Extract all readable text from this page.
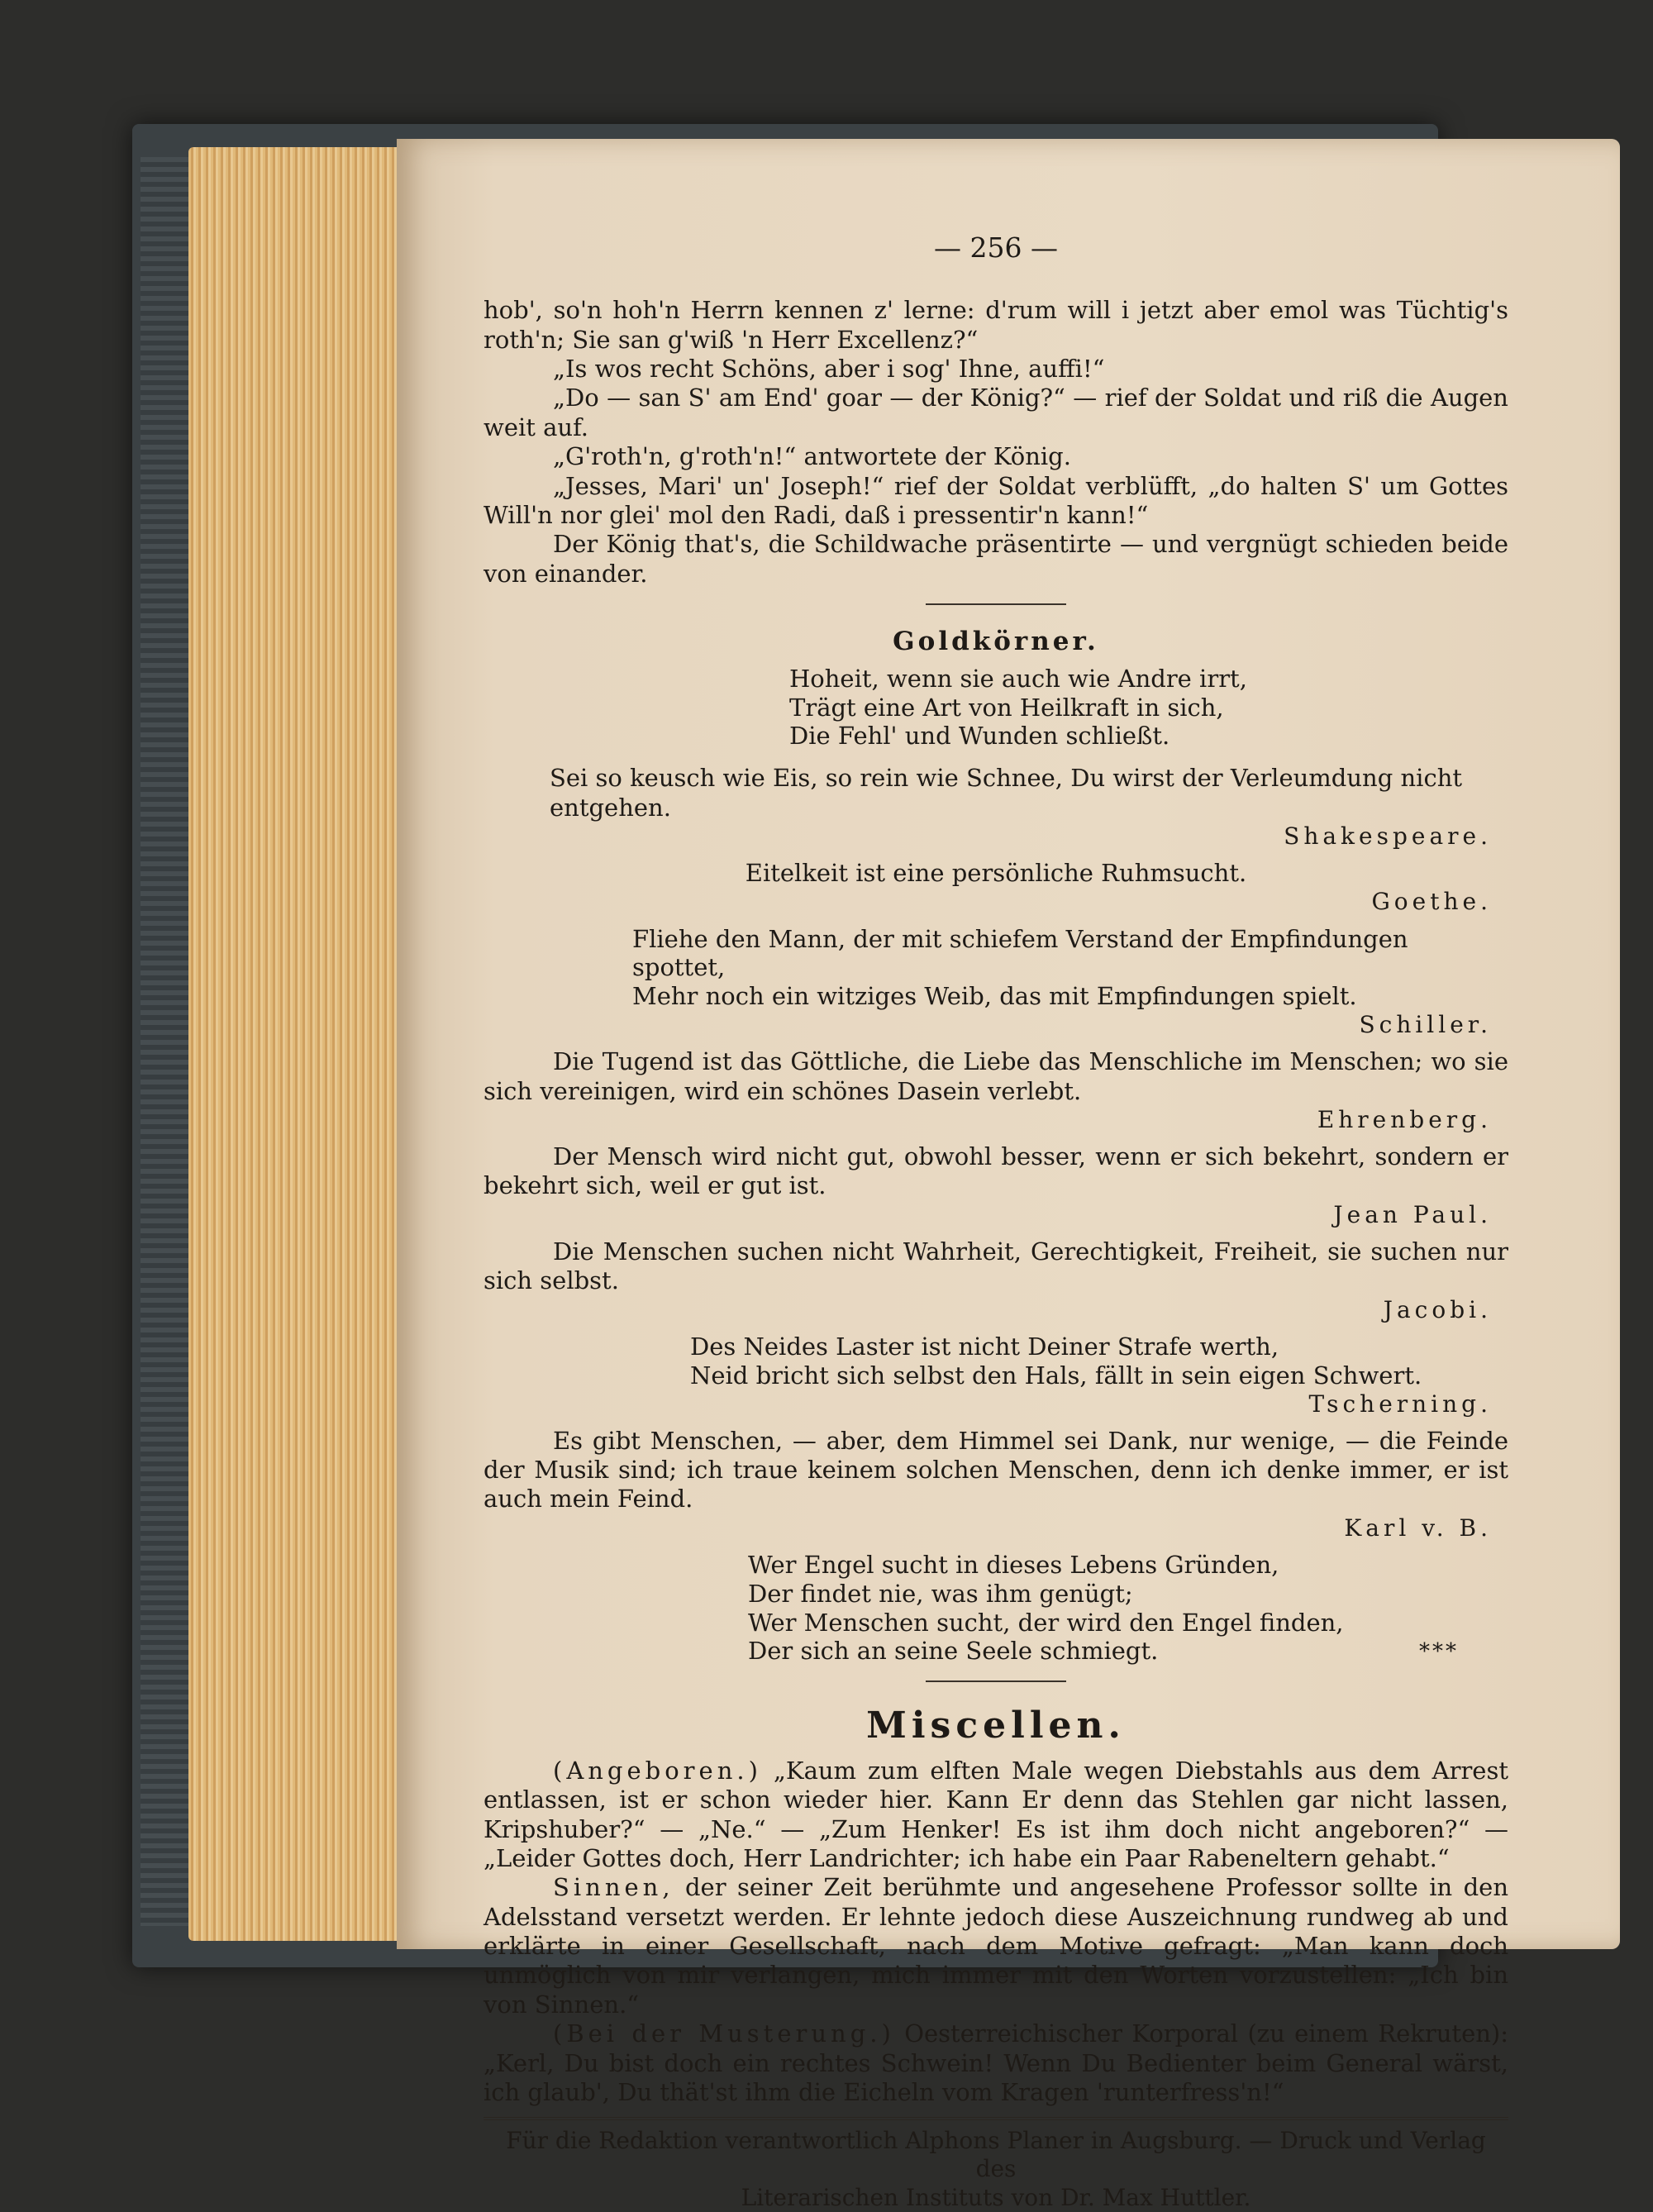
— 256 —

hob', so'n hoh'n Herrn kennen z' lerne: d'rum will i jetzt aber emol was Tüchtig's roth'n; Sie san g'wiß 'n Herr Excellenz?“

„Is wos recht Schöns, aber i sog' Ihne, auffi!“

„Do — san S' am End' goar — der König?“ — rief der Soldat und riß die Augen weit auf.

„G'roth'n, g'roth'n!“ antwortete der König.

„Jesses, Mari' un' Joseph!“ rief der Soldat verblüfft, „do halten S' um Gottes Will'n nor glei' mol den Radi, daß i pressentir'n kann!“

Der König that's, die Schildwache präsentirte — und vergnügt schieden beide von einander.

Goldkörner.

Hoheit, wenn sie auch wie Andre irrt,

Trägt eine Art von Heilkraft in sich,

Die Fehl' und Wunden schließt.

Sei so keusch wie Eis, so rein wie Schnee, Du wirst der Verleumdung nicht entgehen.

Shakespeare.

Eitelkeit ist eine persönliche Ruhmsucht.

Goethe.

Fliehe den Mann, der mit schiefem Verstand der Empfindungen spottet,

Mehr noch ein witziges Weib, das mit Empfindungen spielt.

Schiller.

Die Tugend ist das Göttliche, die Liebe das Menschliche im Menschen; wo sie sich vereinigen, wird ein schönes Dasein verlebt.

Ehrenberg.

Der Mensch wird nicht gut, obwohl besser, wenn er sich bekehrt, sondern er bekehrt sich, weil er gut ist.

Jean Paul.

Die Menschen suchen nicht Wahrheit, Gerechtigkeit, Freiheit, sie suchen nur sich selbst.

Jacobi.

Des Neides Laster ist nicht Deiner Strafe werth,

Neid bricht sich selbst den Hals, fällt in sein eigen Schwert.

Tscherning.

Es gibt Menschen, — aber, dem Himmel sei Dank, nur wenige, — die Feinde der Musik sind; ich traue keinem solchen Menschen, denn ich denke immer, er ist auch mein Feind.

Karl v. B.

Wer Engel sucht in dieses Lebens Gründen,

Der findet nie, was ihm genügt;

Wer Menschen sucht, der wird den Engel finden,

Der sich an seine Seele schmiegt.	***

Miscellen.

(Angeboren.) „Kaum zum elften Male wegen Diebstahls aus dem Arrest entlassen, ist er schon wieder hier. Kann Er denn das Stehlen gar nicht lassen, Kripshuber?“ — „Ne.“ — „Zum Henker! Es ist ihm doch nicht angeboren?“ — „Leider Gottes doch, Herr Landrichter; ich habe ein Paar Rabeneltern gehabt.“

Sinnen, der seiner Zeit berühmte und angesehene Professor sollte in den Adelsstand versetzt werden. Er lehnte jedoch diese Auszeichnung rundweg ab und erklärte in einer Gesellschaft, nach dem Motive gefragt: „Man kann doch unmöglich von mir verlangen, mich immer mit den Worten vorzustellen: „Ich bin von Sinnen.“

(Bei der Musterung.) Oesterreichischer Korporal (zu einem Rekruten): „Kerl, Du bist doch ein rechtes Schwein! Wenn Du Bedienter beim General wärst, ich glaub', Du thät'st ihm die Eicheln vom Kragen 'runterfress'n!“

Für die Redaktion verantwortlich Alphons Planer in Augsburg. — Druck und Verlag des

Literarischen Instituts von Dr. Max Huttler.
